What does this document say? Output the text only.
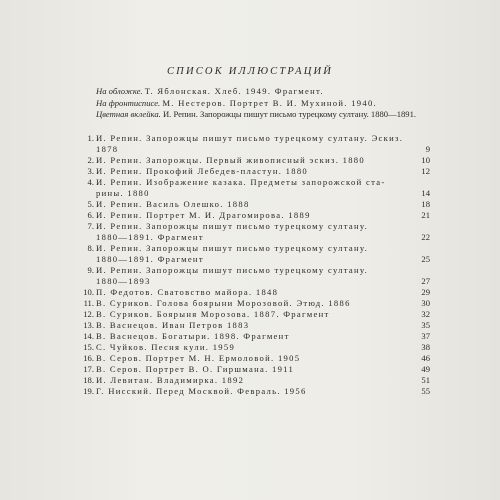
СПИСОК ИЛЛЮСТРАЦИЙ
На обложке. Т. Яблонская. Хлеб. 1949. Фрагмент.
На фронтисписе. М. Нестеров. Портрет В. И. Мухиной. 1940.
Цветная вклейка. И. Репин. Запорожцы пишут письмо турецкому султану. 1880—1891.
1. И. Репин. Запорожцы пишут письмо турецкому султану. Эскиз.
1878	9
2. И. Репин. Запорожцы. Первый живописный эскиз. 1880	10
3. И. Репин. Прокофий Лебедев-пластун. 1880	12
4. И. Репин. Изображение казака. Предметы запорожской ста-
рины. 1880	14
5. И. Репин. Василь Олешко. 1888	18
6. И. Репин. Портрет М. И. Драгомирова. 1889	21
7. И. Репин. Запорожцы пишут письмо турецкому султану.
1880—1891. Фрагмент	22
8. И. Репин. Запорожцы пишут письмо турецкому султану.
1880—1891. Фрагмент	25
9. И. Репин. Запорожцы пишут письмо турецкому султану.
1880—1893	27
10. П. Федотов. Сватовство майора. 1848	29
11. В. Суриков. Голова боярыни Морозовой. Этюд. 1886	30
12. В. Суриков. Боярыня Морозова. 1887. Фрагмент	32
13. В. Васнецов. Иван Петров 1883	35
14. В. Васнецов. Богатыри. 1898. Фрагмент	37
15. С. Чуйков. Песня кули. 1959	38
16. В. Серов. Портрет М. Н. Ермоловой. 1905	46
17. В. Серов. Портрет В. О. Гиршмана. 1911	49
18. И. Левитан. Владимирка. 1892	51
19. Г. Нисский. Перед Москвой. Февраль. 1956	55
